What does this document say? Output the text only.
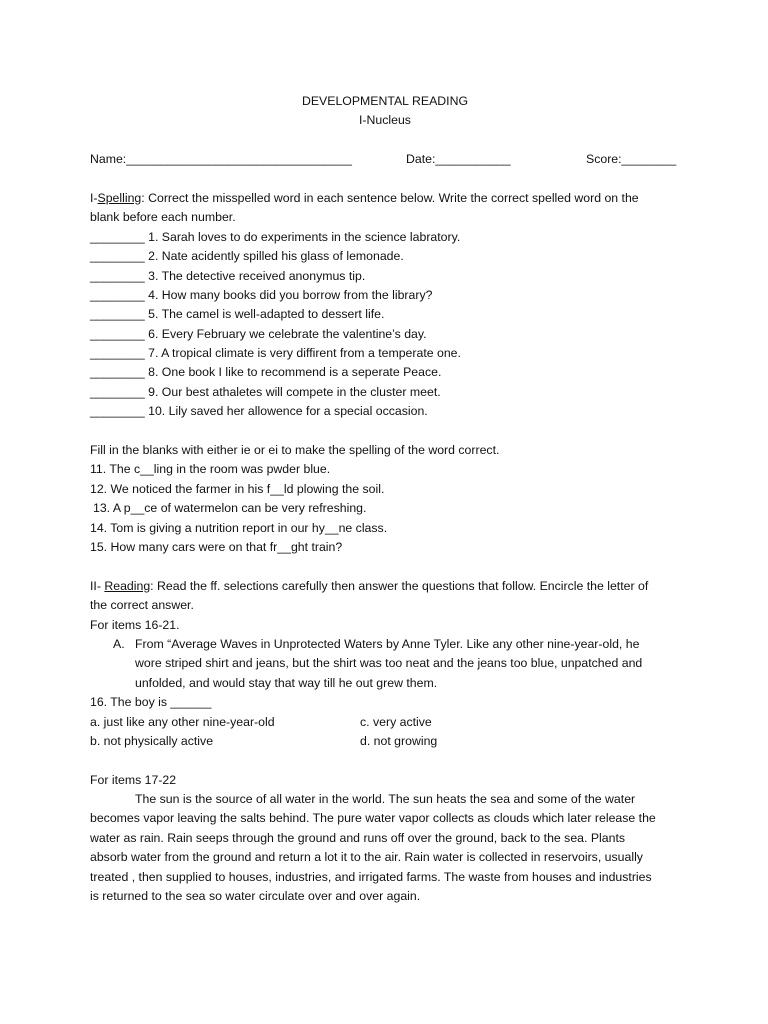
DEVELOPMENTAL READING
I-Nucleus
Name:_________________________________	Date:___________	Score:________
I-Spelling: Correct the misspelled word in each sentence below. Write the correct spelled word on the
blank before each number.
________ 1. Sarah loves to do experiments in the science labratory.
________ 2. Nate acidently spilled his glass of lemonade.
________ 3. The detective received anonymus tip.
________ 4. How many books did you borrow from the library?
________ 5. The camel is well-adapted to dessert life.
________ 6. Every February we celebrate the valentine’s day.
________ 7. A tropical climate is very diffirent from a temperate one.
________ 8. One book I like to recommend is a seperate Peace.
________ 9. Our best athaletes will compete in the cluster meet.
________ 10. Lily saved her allowence for a special occasion.
Fill in the blanks with either ie or ei to make the spelling of the word correct.
11. The c__ling in the room was pwder blue.
12. We noticed the farmer in his f__ld plowing the soil.
13. A p__ce of watermelon can be very refreshing.
14. Tom is giving a nutrition report in our hy__ne class.
15. How many cars were on that fr__ght train?
II- Reading: Read the ff. selections carefully then answer the questions that follow. Encircle the letter of
the correct answer.
For items 16-21.
A. From “Average Waves in Unprotected Waters by Anne Tyler. Like any other nine-year-old, he
wore striped shirt and jeans, but the shirt was too neat and the jeans too blue, unpatched and
unfolded, and would stay that way till he out grew them.
16. The boy is ______
a. just like any other nine-year-old	c. very active
b. not physically active	d. not growing
For items 17-22
The sun is the source of all water in the world. The sun heats the sea and some of the water
becomes vapor leaving the salts behind. The pure water vapor collects as clouds which later release the
water as rain. Rain seeps through the ground and runs off over the ground, back to the sea. Plants
absorb water from the ground and return a lot it to the air. Rain water is collected in reservoirs, usually
treated , then supplied to houses, industries, and irrigated farms. The waste from houses and industries
is returned to the sea so water circulate over and over again.
